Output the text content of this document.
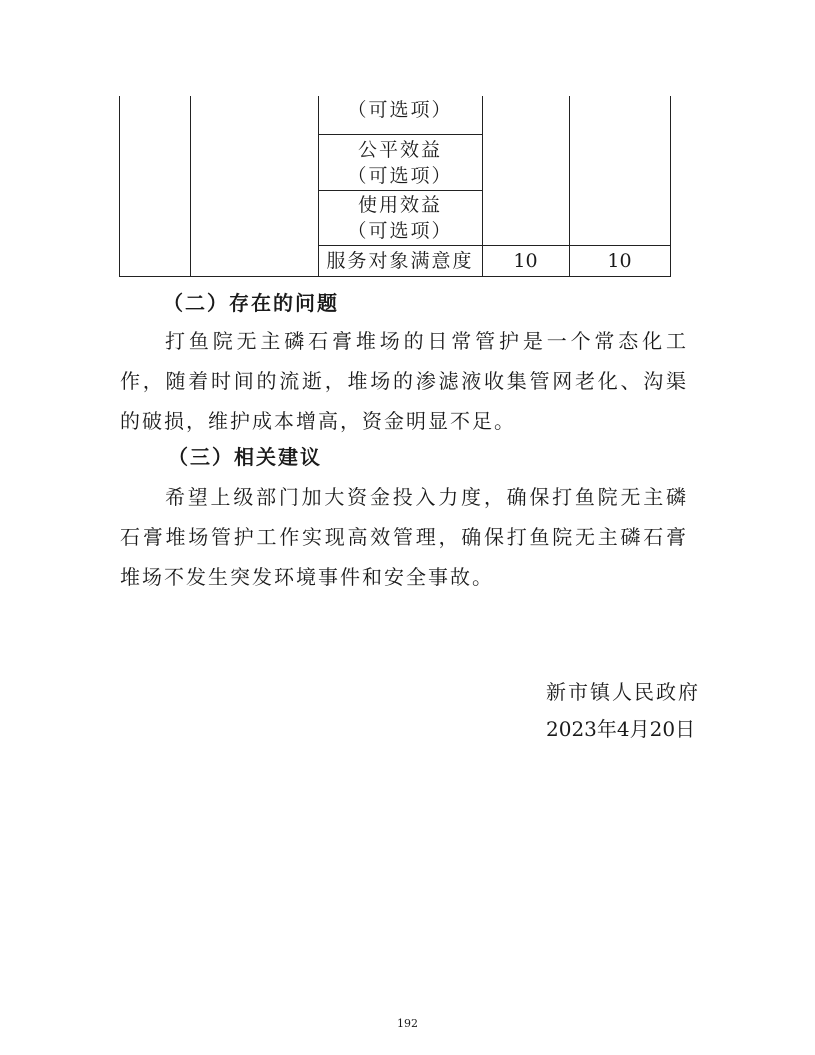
（可选项）
公平效益
（可选项）
使用效益
（可选项）
服务对象满意度	10	10
（二）存在的问题

打鱼院无主磷石膏堆场的日常管护是一个常态化工作，随着时间的流逝，堆场的渗滤液收集管网老化、沟渠的破损，维护成本增高，资金明显不足。

（三）相关建议

希望上级部门加大资金投入力度，确保打鱼院无主磷石膏堆场管护工作实现高效管理，确保打鱼院无主磷石膏堆场不发生突发环境事件和安全事故。

新市镇人民政府
2023年4月20日
192
